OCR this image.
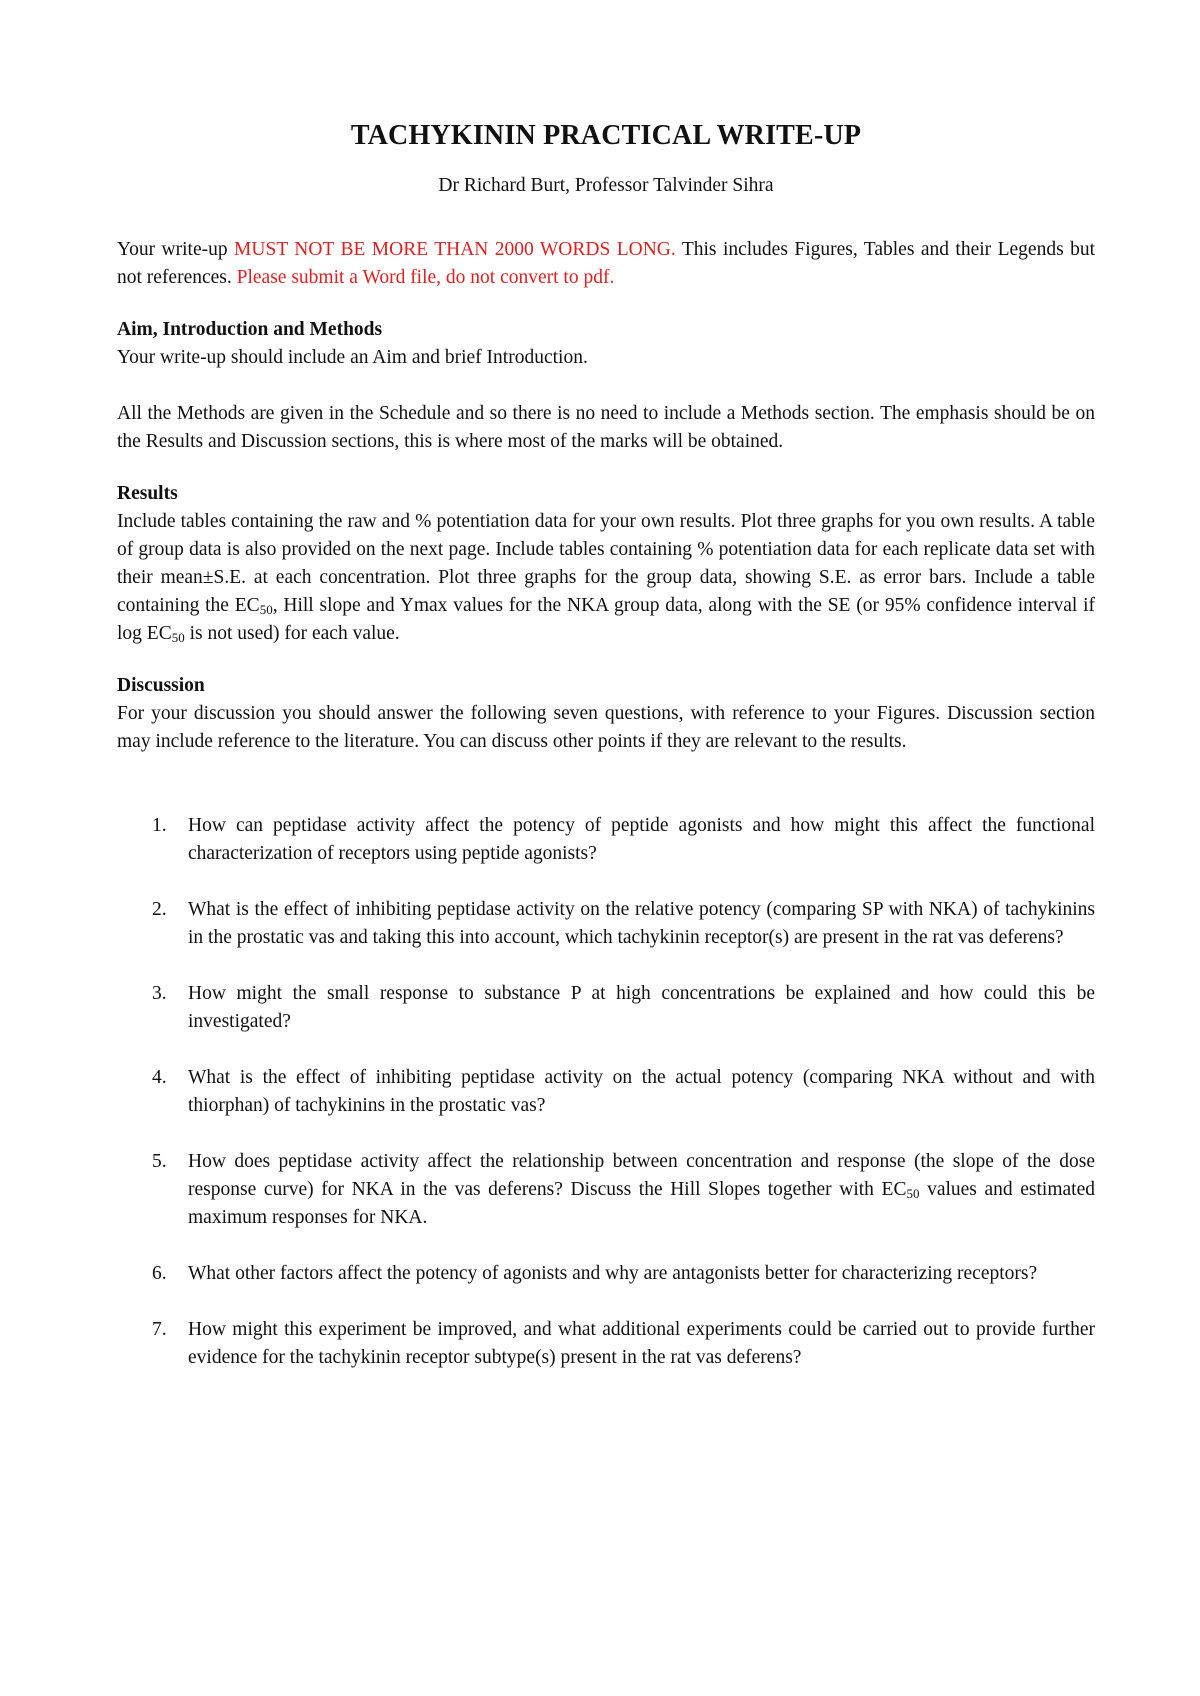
TACHYKININ PRACTICAL WRITE-UP

Dr Richard Burt, Professor Talvinder Sihra

Your write-up MUST NOT BE MORE THAN 2000 WORDS LONG. This includes Figures, Tables and their Legends but not references. Please submit a Word file, do not convert to pdf.

Aim, Introduction and Methods

Your write-up should include an Aim and brief Introduction.

All the Methods are given in the Schedule and so there is no need to include a Methods section. The emphasis should be on the Results and Discussion sections, this is where most of the marks will be obtained.

Results

Include tables containing the raw and % potentiation data for your own results. Plot three graphs for you own results. A table of group data is also provided on the next page. Include tables containing % potentiation data for each replicate data set with their mean±S.E. at each concentration. Plot three graphs for the group data, showing S.E. as error bars. Include a table containing the $EC_{50}$, Hill slope and Ymax values for the NKA group data, along with the SE (or 95% confidence interval if $\log EC_{50}$ is not used) for each value.

Discussion

For your discussion you should answer the following seven questions, with reference to your Figures. Discussion section may include reference to the literature. You can discuss other points if they are relevant to the results.

1. How can peptidase activity affect the potency of peptide agonists and how might this affect the functional characterization of receptors using peptide agonists?
2. What is the effect of inhibiting peptidase activity on the relative potency (comparing SP with NKA) of tachykinins in the prostatic vas and taking this into account, which tachykinin receptor(s) are present in the rat vas deferens?
3. How might the small response to substance P at high concentrations be explained and how could this be investigated?
4. What is the effect of inhibiting peptidase activity on the actual potency (comparing NKA without and with thiorphan) of tachykinins in the prostatic vas?
5. How does peptidase activity affect the relationship between concentration and response (the slope of the dose response curve) for NKA in the vas deferens? Discuss the Hill Slopes together with $EC_{50}$ values and estimated maximum responses for NKA.
6. What other factors affect the potency of agonists and why are antagonists better for characterizing receptors?
7. How might this experiment be improved, and what additional experiments could be carried out to provide further evidence for the tachykinin receptor subtype(s) present in the rat vas deferens?
